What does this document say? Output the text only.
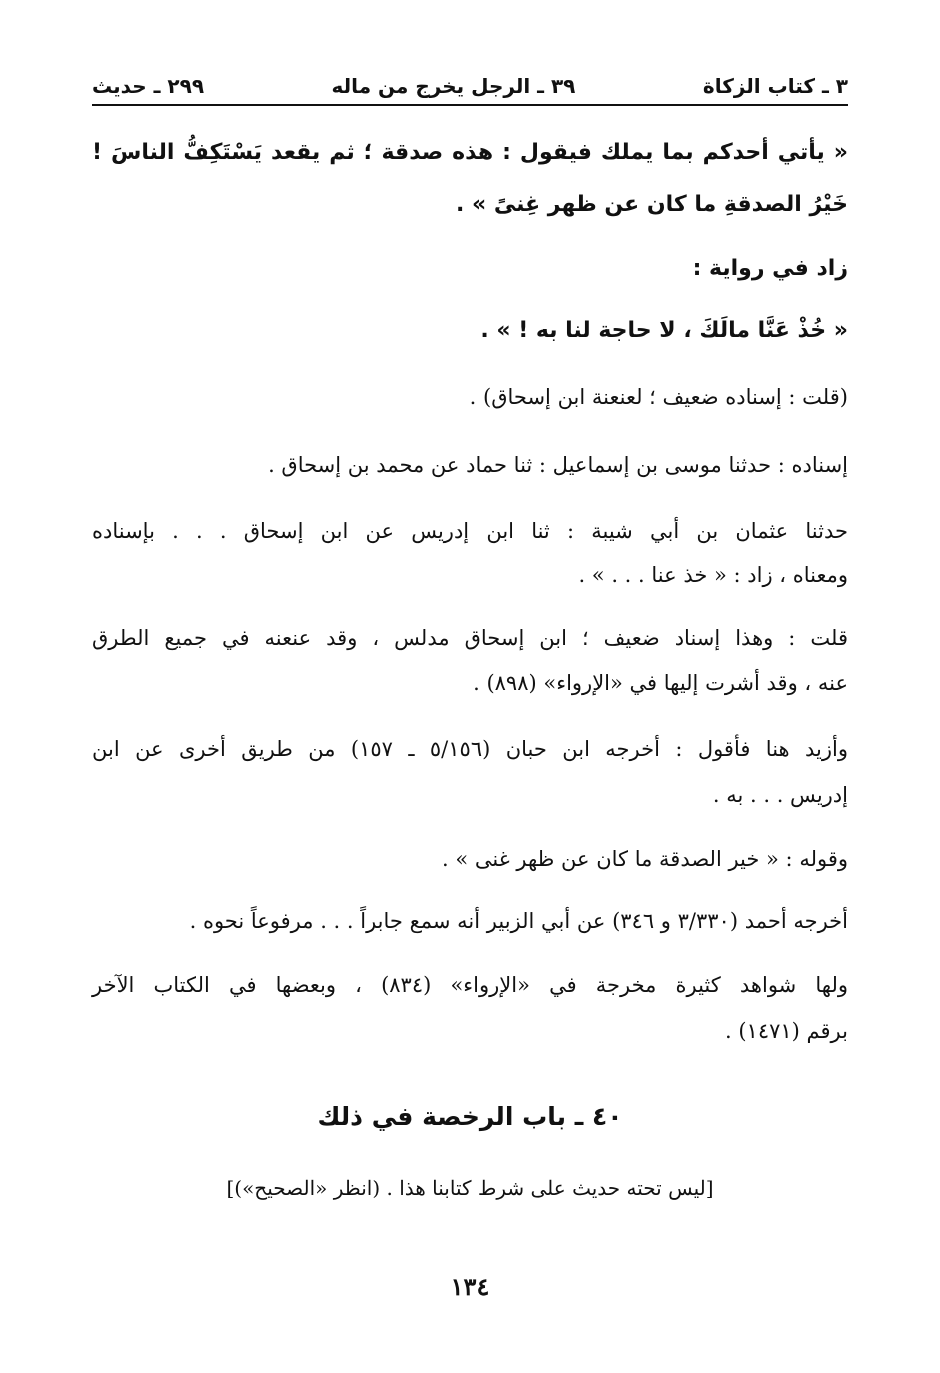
٣ ـ كتاب الزكاة
٣٩ ـ الرجل يخرج من ماله
٢٩٩ ـ حديث

« يأتي أحدكم بما يملك فيقول : هذه صدقة ؛ ثم يقعد يَسْتَكِفُّ الناسَ !

خَيْرُ الصدقةِ ما كان عن ظهر غِنىً » .

زاد في رواية :

« خُذْ عَنَّا مالَكَ ، لا حاجة لنا به ! » .

(قلت : إسناده ضعيف ؛ لعنعنة ابن إسحاق) .

إسناده : حدثنا موسى بن إسماعيل : ثنا حماد عن محمد بن إسحاق .

حدثنا عثمان بن أبي شيبة : ثنا ابن إدريس عن ابن إسحاق . . . بإسناده

ومعناه ، زاد : « خذ عنا . . . » .

قلت : وهذا إسناد ضعيف ؛ ابن إسحاق مدلس ، وقد عنعنه في جميع الطرق

عنه ، وقد أشرت إليها في «الإرواء» (٨٩٨) .

وأزيد هنا فأقول : أخرجه ابن حبان (٥/١٥٦ ـ ١٥٧) من طريق أخرى عن ابن

إدريس . . . به .

وقوله : « خير الصدقة ما كان عن ظهر غنى » .

أخرجه أحمد (٣/٣٣٠ و ٣٤٦) عن أبي الزبير أنه سمع جابراً . . . مرفوعاً نحوه .

ولها شواهد كثيرة مخرجة في «الإرواء» (٨٣٤) ، وبعضها في الكتاب الآخر

برقم (١٤٧١) .

٤٠ ـ باب الرخصة في ذلك
[ليس تحته حديث على شرط كتابنا هذا . (انظر «الصحيح»)]
١٣٤
